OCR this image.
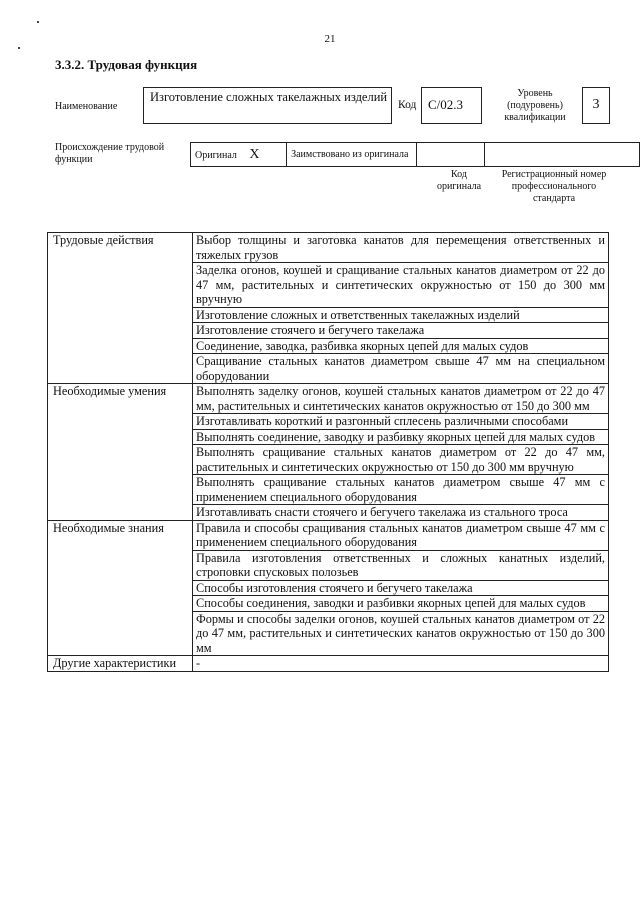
21
3.3.2. Трудовая функция
Наименование
Изготовление сложных такелажных изделий
Код С/02.3
Уровень (подуровень) квалификации
3
Происхождение трудовой функции	Оригинал X	Заимствовано из оригинала		
Код оригинала
Регистрационный номер профессионального стандарта
Трудовые действия	Выбор толщины и заготовка канатов для перемещения ответственных и тяжелых грузов
	Заделка огонов, коушей и сращивание стальных канатов диаметром от 22 до 47 мм, растительных и синтетических окружностью от 150 до 300 мм вручную
	Изготовление сложных и ответственных такелажных изделий
	Изготовление стоячего и бегучего такелажа
	Соединение, заводка, разбивка якорных цепей для малых судов
	Сращивание стальных канатов диаметром свыше 47 мм на специальном оборудовании
Необходимые умения	Выполнять заделку огонов, коушей стальных канатов диаметром от 22 до 47 мм, растительных и синтетических канатов окружностью от 150 до 300 мм
	Изготавливать короткий и разгонный сплесень различными способами
	Выполнять соединение, заводку и разбивку якорных цепей для малых судов
	Выполнять сращивание стальных канатов диаметром от 22 до 47 мм, растительных и синтетических окружностью от 150 до 300 мм вручную
	Выполнять сращивание стальных канатов диаметром свыше 47 мм с применением специального оборудования
	Изготавливать снасти стоячего и бегучего такелажа из стального троса
Необходимые знания	Правила и способы сращивания стальных канатов диаметром свыше 47 мм с применением специального оборудования
	Правила изготовления ответственных и сложных канатных изделий, строповки спусковых полозьев
	Способы изготовления стоячего и бегучего такелажа
	Способы соединения, заводки и разбивки якорных цепей для малых судов
	Формы и способы заделки огонов, коушей стальных канатов диаметром от 22 до 47 мм, растительных и синтетических канатов окружностью от 150 до 300 мм
Другие характеристики	-
